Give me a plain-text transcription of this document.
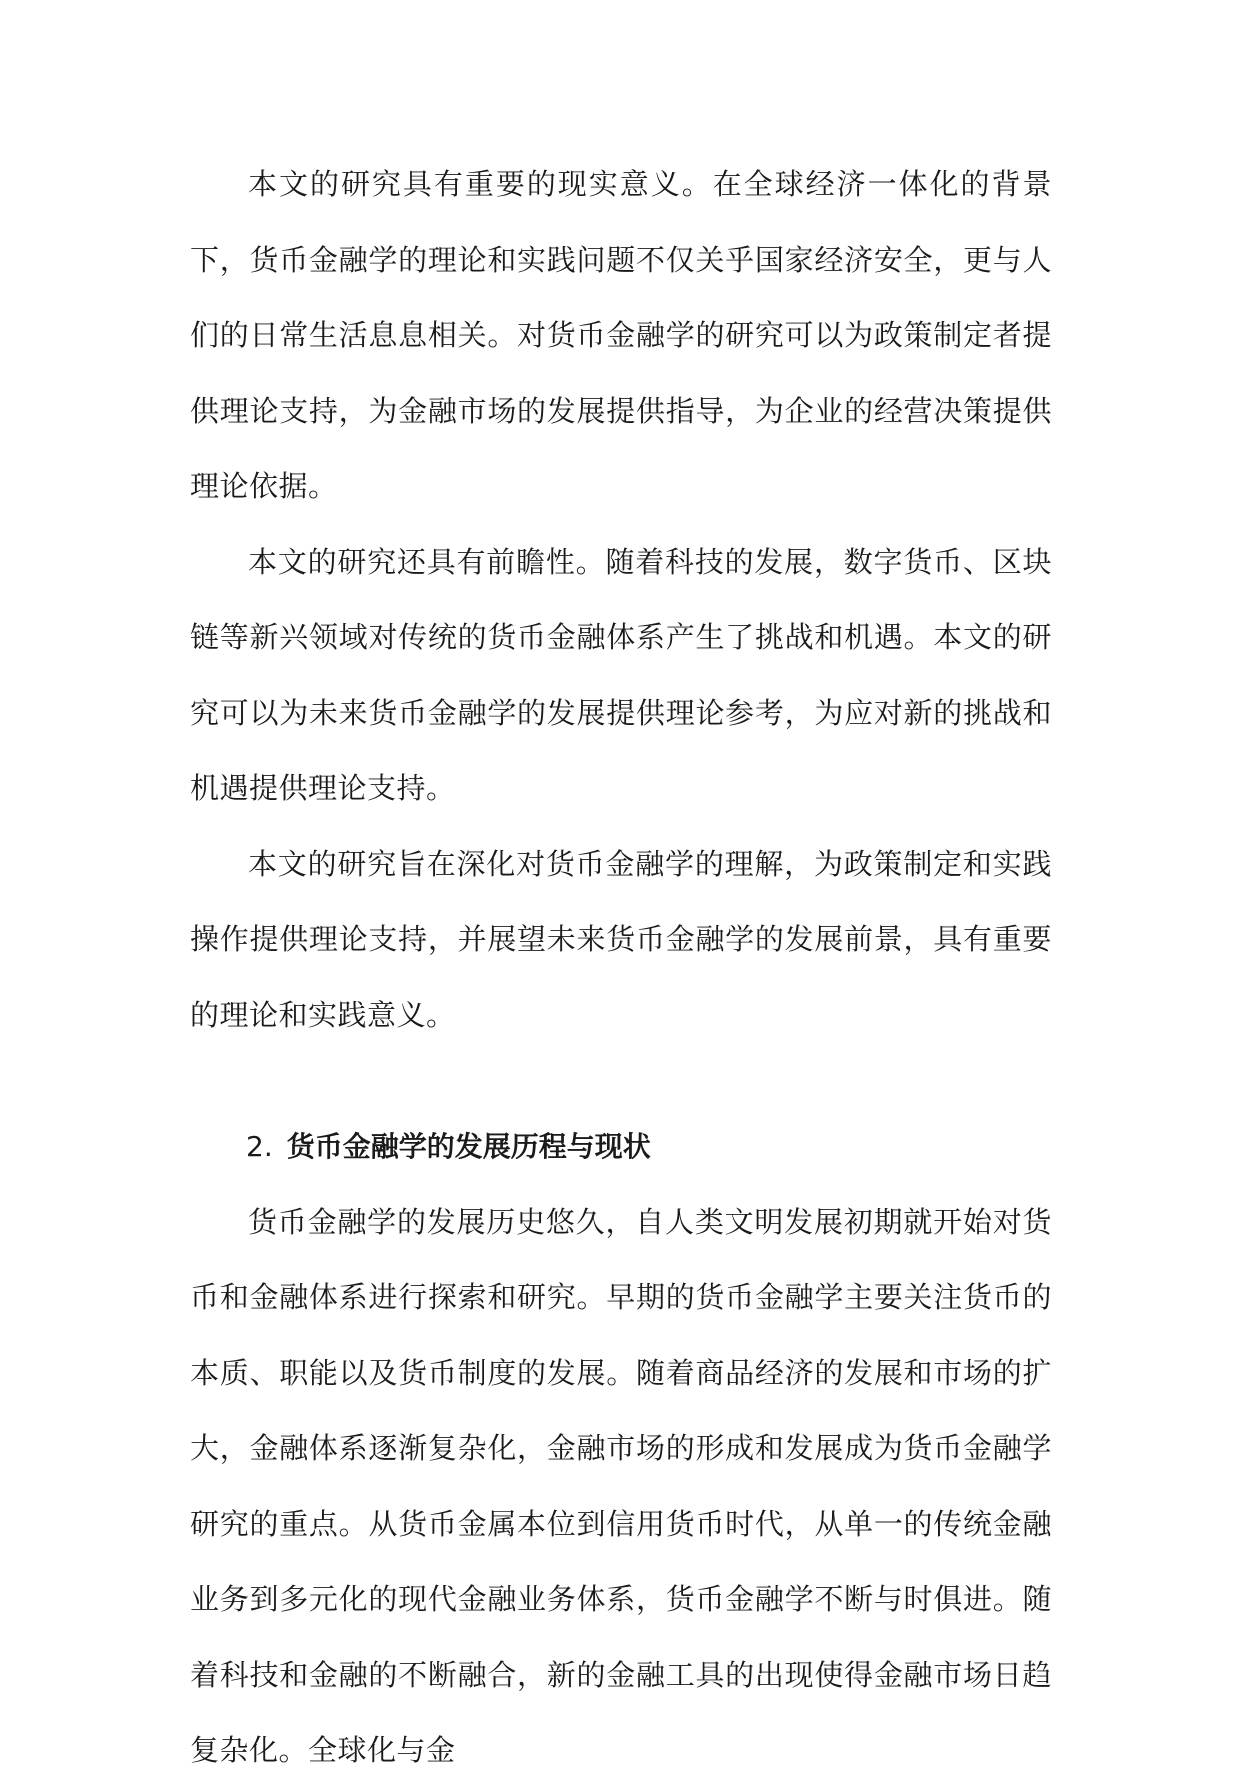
本文的研究具有重要的现实意义。在全球经济一体化的背景下，货币金融学的理论和实践问题不仅关乎国家经济安全，更与人们的日常生活息息相关。对货币金融学的研究可以为政策制定者提供理论支持，为金融市场的发展提供指导，为企业的经营决策提供理论依据。

本文的研究还具有前瞻性。随着科技的发展，数字货币、区块链等新兴领域对传统的货币金融体系产生了挑战和机遇。本文的研究可以为未来货币金融学的发展提供理论参考，为应对新的挑战和机遇提供理论支持。

本文的研究旨在深化对货币金融学的理解，为政策制定和实践操作提供理论支持，并展望未来货币金融学的发展前景，具有重要的理论和实践意义。

2. 货币金融学的发展历程与现状

货币金融学的发展历史悠久，自人类文明发展初期就开始对货币和金融体系进行探索和研究。早期的货币金融学主要关注货币的本质、职能以及货币制度的发展。随着商品经济的发展和市场的扩大，金融体系逐渐复杂化，金融市场的形成和发展成为货币金融学研究的重点。从货币金属本位到信用货币时代，从单一的传统金融业务到多元化的现代金融业务体系，货币金融学不断与时俱进。随着科技和金融的不断融合，新的金融工具的出现使得金融市场日趋复杂化。全球化与金
